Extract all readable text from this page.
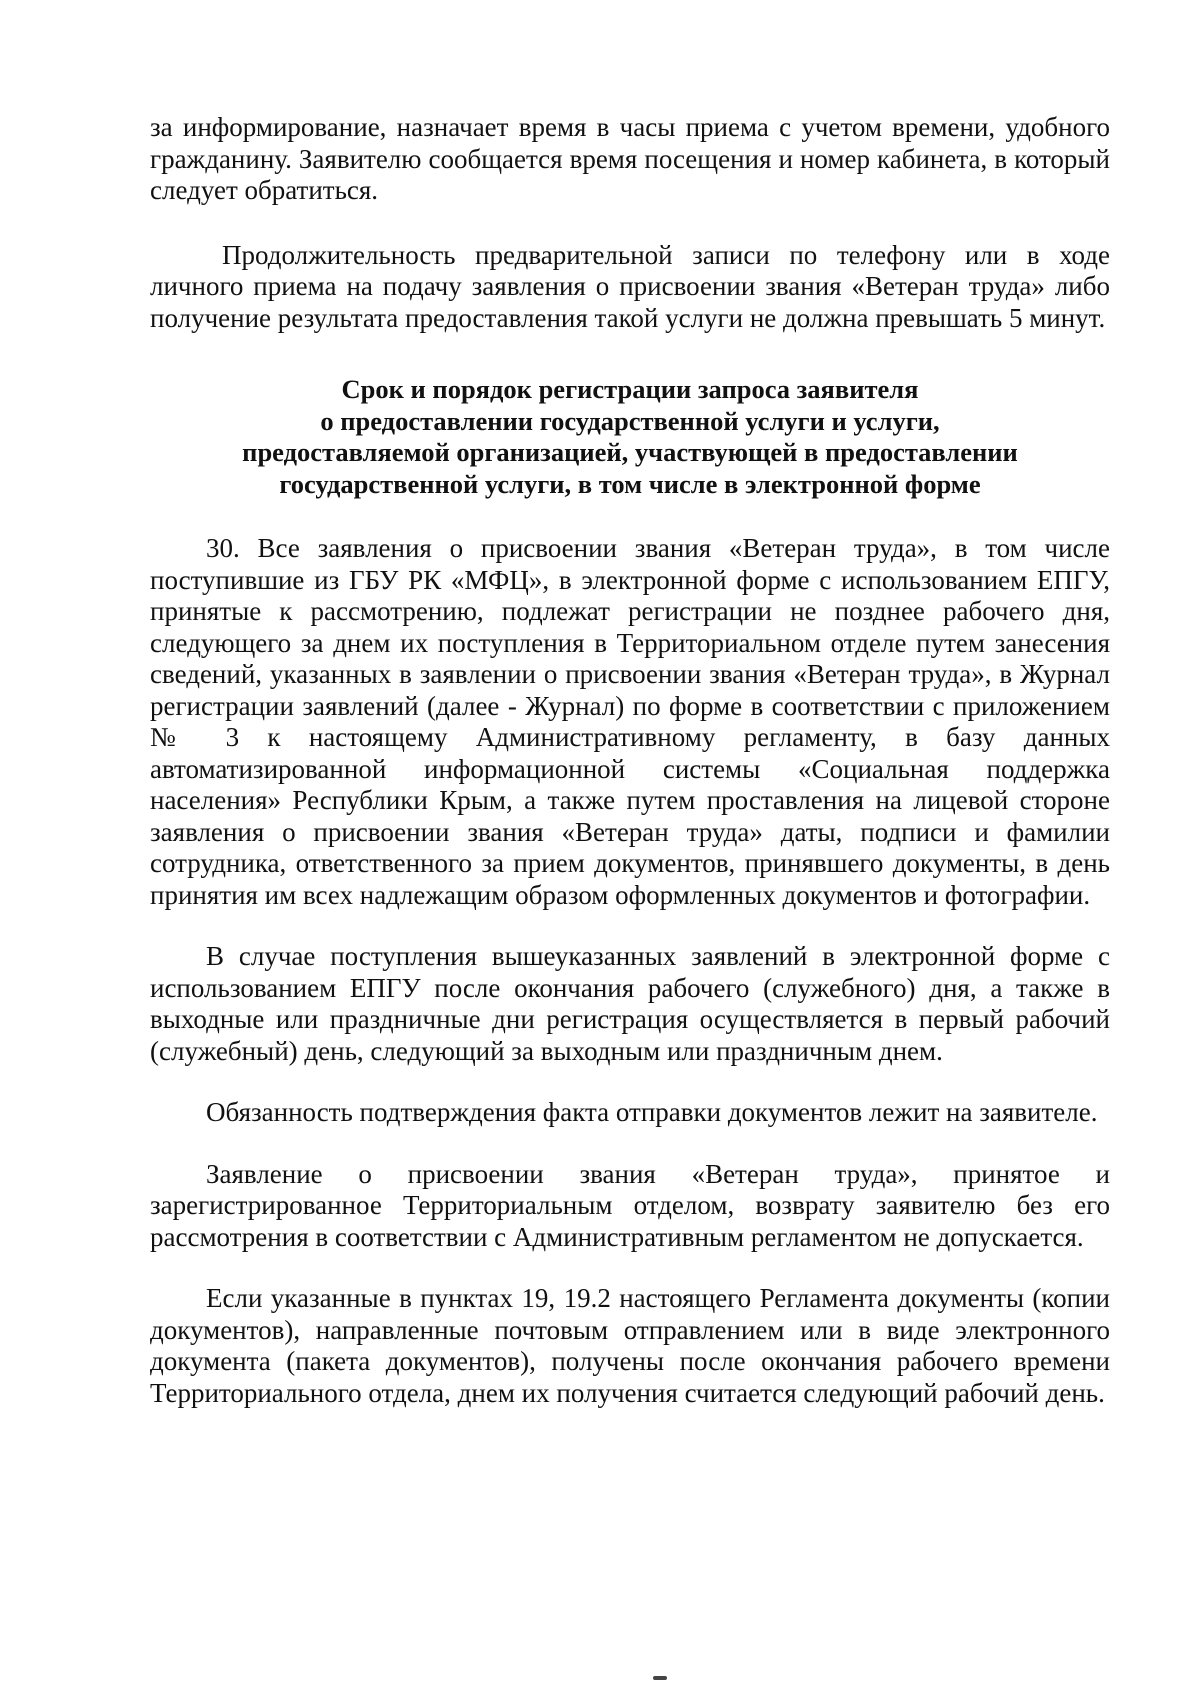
за информирование, назначает время в часы приема с учетом времени, удобного гражданину. Заявителю сообщается время посещения и номер кабинета, в который следует обратиться.

Продолжительность предварительной записи по телефону или в ходе личного приема на подачу заявления о присвоении звания «Ветеран труда» либо получение результата предоставления такой услуги не должна превышать 5 минут.

Срок и порядок регистрации запроса заявителя
о предоставлении государственной услуги и услуги,
предоставляемой организацией, участвующей в предоставлении
государственной услуги, в том числе в электронной форме

30. Все заявления о присвоении звания «Ветеран труда», в том числе поступившие из ГБУ РК «МФЦ», в электронной форме с использованием ЕПГУ, принятые к рассмотрению, подлежат регистрации не позднее рабочего дня, следующего за днем их поступления в Территориальном отделе путем занесения сведений, указанных в заявлении о присвоении звания «Ветеран труда», в Журнал регистрации заявлений (далее - Журнал) по форме в соответствии с приложением № 3 к настоящему Административному регламенту, в базу данных автоматизированной информационной системы «Социальная поддержка населения» Республики Крым, а также путем проставления на лицевой стороне заявления о присвоении звания «Ветеран труда» даты, подписи и фамилии сотрудника, ответственного за прием документов, принявшего документы, в день принятия им всех надлежащим образом оформленных документов и фотографии.

В случае поступления вышеуказанных заявлений в электронной форме с использованием ЕПГУ после окончания рабочего (служебного) дня, а также в выходные или праздничные дни регистрация осуществляется в первый рабочий (служебный) день, следующий за выходным или праздничным днем.

Обязанность подтверждения факта отправки документов лежит на заявителе.

Заявление о присвоении звания «Ветеран труда», принятое и зарегистрированное Территориальным отделом, возврату заявителю без его рассмотрения в соответствии с Административным регламентом не допускается.

Если указанные в пунктах 19, 19.2 настоящего Регламента документы (копии документов), направленные почтовым отправлением или в виде электронного документа (пакета документов), получены после окончания рабочего времени Территориального отдела, днем их получения считается следующий рабочий день.
